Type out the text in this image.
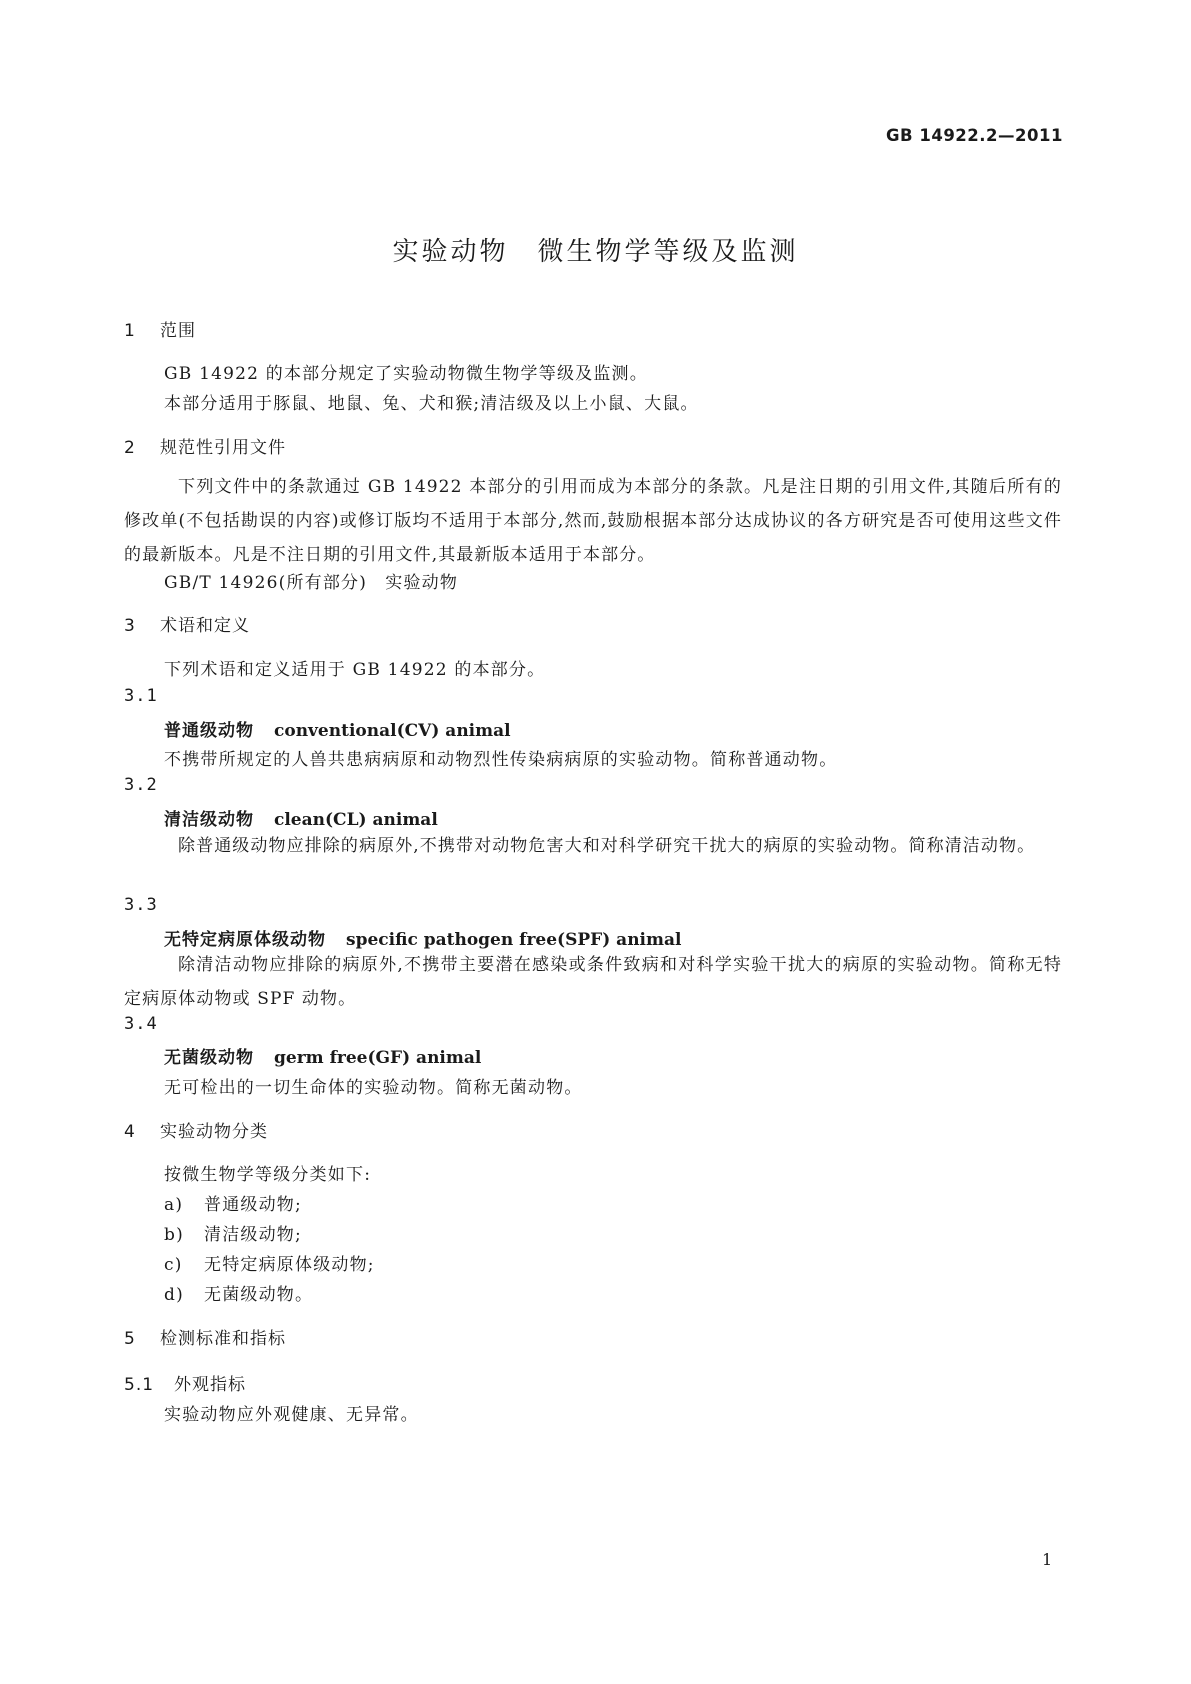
GB 14922.2—2011
实验动物　微生物学等级及监测
1 范围
GB 14922 的本部分规定了实验动物微生物学等级及监测。
本部分适用于豚鼠、地鼠、兔、犬和猴;清洁级及以上小鼠、大鼠。
2 规范性引用文件
下列文件中的条款通过 GB 14922 本部分的引用而成为本部分的条款。凡是注日期的引用文件,其随后所有的修改单(不包括勘误的内容)或修订版均不适用于本部分,然而,鼓励根据本部分达成协议的各方研究是否可使用这些文件的最新版本。凡是不注日期的引用文件,其最新版本适用于本部分。
GB/T 14926(所有部分)　实验动物
3 术语和定义
下列术语和定义适用于 GB 14922 的本部分。
3.1
普通级动物 conventional(CV) animal
不携带所规定的人兽共患病病原和动物烈性传染病病原的实验动物。简称普通动物。
3.2
清洁级动物 clean(CL) animal
除普通级动物应排除的病原外,不携带对动物危害大和对科学研究干扰大的病原的实验动物。简称清洁动物。
3.3
无特定病原体级动物 specific pathogen free(SPF) animal
除清洁动物应排除的病原外,不携带主要潜在感染或条件致病和对科学实验干扰大的病原的实验动物。简称无特定病原体动物或 SPF 动物。
3.4
无菌级动物 germ free(GF) animal
无可检出的一切生命体的实验动物。简称无菌动物。
4 实验动物分类
按微生物学等级分类如下:
a) 普通级动物;
b) 清洁级动物;
c) 无特定病原体级动物;
d) 无菌级动物。
5 检测标准和指标
5.1 外观指标
实验动物应外观健康、无异常。
1
